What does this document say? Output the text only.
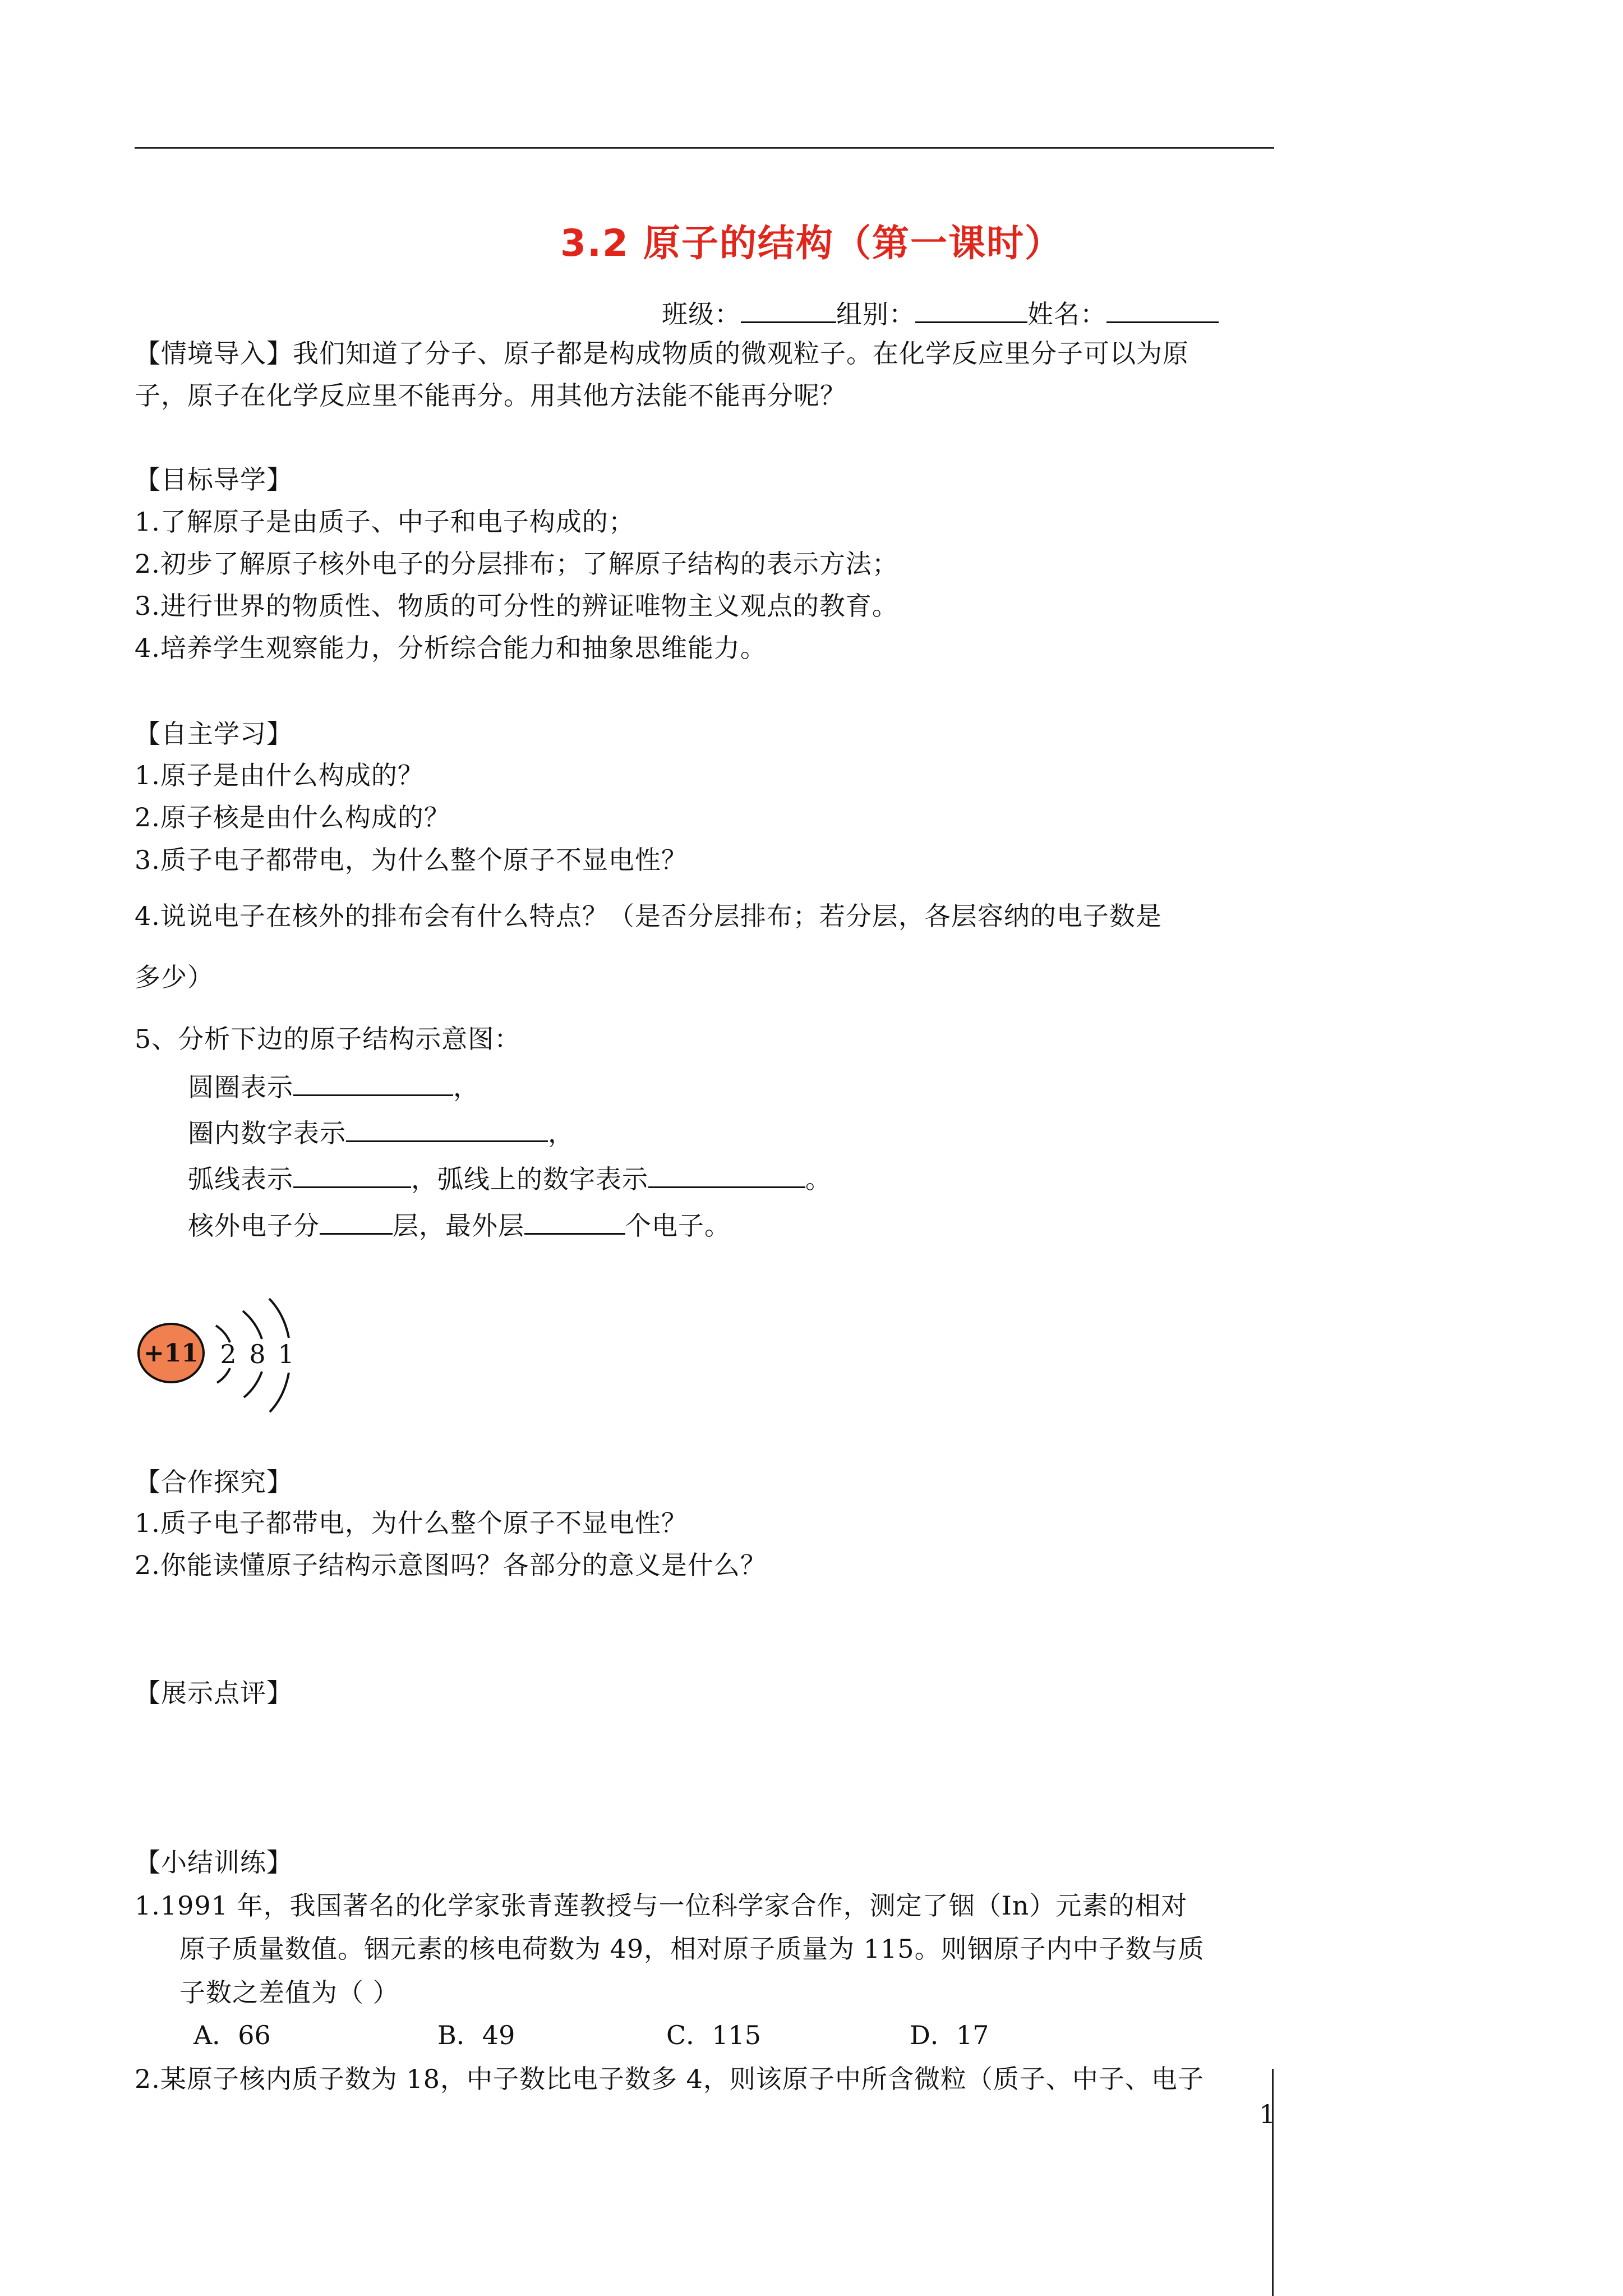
3.2 原子的结构（第一课时）
班级：	组别：	姓名：
【情境导入】我们知道了分子、原子都是构成物质的微观粒子。在化学反应里分子可以为原
子，原子在化学反应里不能再分。用其他方法能不能再分呢？
【目标导学】
1.了解原子是由质子、中子和电子构成的；
2.初步了解原子核外电子的分层排布；了解原子结构的表示方法；
3.进行世界的物质性、物质的可分性的辨证唯物主义观点的教育。
4.培养学生观察能力，分析综合能力和抽象思维能力。
【自主学习】
1.原子是由什么构成的？
2.原子核是由什么构成的？
3.质子电子都带电，为什么整个原子不显电性？
4.说说电子在核外的排布会有什么特点？（是否分层排布；若分层，各层容纳的电子数是
多少）
5、分析下边的原子结构示意图：
圆圈表示	，
圈内数字表示	，
弧线表示	，弧线上的数字表示	。
核外电子分	层，最外层	个电子。
+11 2 8 1
【合作探究】
1.质子电子都带电，为什么整个原子不显电性？
2.你能读懂原子结构示意图吗？各部分的意义是什么？
【展示点评】
【小结训练】
1.1991 年，我国著名的化学家张青莲教授与一位科学家合作，测定了铟（In）元素的相对
原子质量数值。铟元素的核电荷数为 49，相对原子质量为 115。则铟原子内中子数与质
子数之差值为（ ）
A．66	B．49	C．115	D．17
2.某原子核内质子数为 18，中子数比电子数多 4，则该原子中所含微粒（质子、中子、电子
1
